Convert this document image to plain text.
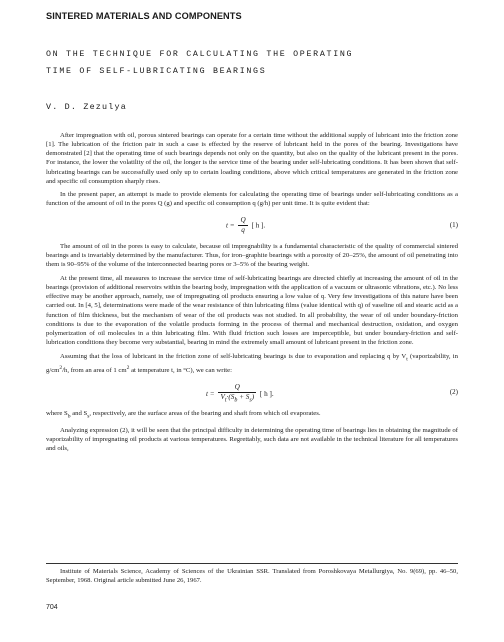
SINTERED MATERIALS AND COMPONENTS
ON THE TECHNIQUE FOR CALCULATING THE OPERATING
TIME OF SELF-LUBRICATING BEARINGS
V. D. Zezulya

After impregnation with oil, porous sintered bearings can operate for a certain time without the additional supply of lubricant into the friction zone [1]. The lubrication of the friction pair in such a case is effected by the reserve of lubricant held in the pores of the bearing. Investigations have demonstrated [2] that the operating time of such bearings depends not only on the quantity, but also on the quality of the lubricant present in the pores. For instance, the lower the volatility of the oil, the longer is the service time of the bearing under self-lubricating conditions. It has been shown that self-lubricating bearings can be successfully used only up to certain loading conditions, above which critical temperatures are generated in the friction zone and specific oil consumption sharply rises.

In the present paper, an attempt is made to provide elements for calculating the operating time of bearings under self-lubricating conditions as a function of the amount of oil in the pores Q (g) and specific oil consumption q (g/h) per unit time. It is quite evident that:

$t = \frac{Q}{q}$ [ h ].	(1)

The amount of oil in the pores is easy to calculate, because oil impregnability is a fundamental characteristic of the quality of commercial sintered bearings and is invariably determined by the manufacturer. Thus, for iron–graphite bearings with a porosity of 20–25%, the amount of oil penetrating into them is 90–95% of the volume of the interconnected bearing pores or 3–5% of the bearing weight.

At the present time, all measures to increase the service time of self-lubricating bearings are directed chiefly at increasing the amount of oil in the bearings (provision of additional reservoirs within the bearing body, impregnation with the application of a vacuum or ultrasonic vibrations, etc.). No less effective may be another approach, namely, use of impregnating oil products ensuring a low value of q. Very few investigations of this nature have been carried out. In [4, 5], determinations were made of the wear resistance of thin lubricating films (value identical with q) of vaseline oil and stearic acid as a function of film thickness, but the mechanism of wear of the oil products was not studied. In all probability, the wear of oil under boundary-friction conditions is due to the evaporation of the volatile products forming in the process of thermal and mechanical destruction, oxidation, and oxygen polymerization of oil molecules in a thin lubricating film. With fluid friction such losses are imperceptible, but under boundary-friction and self-lubrication conditions they become very substantial, bearing in mind the extremely small amount of lubricant present in the friction zone.

Assuming that the loss of lubricant in the friction zone of self-lubricating bearings is due to evaporation and replacing q by $V_t$ (vaporizability, in $g/cm^2/h$, from an area of 1 $cm^2$ at temperature t, in °C), we can write:

$t = \frac{Q}{V_t\cdot(S_b + S_s)}$ [ h ].	(2)

where $S_b$ and $S_s$, respectively, are the surface areas of the bearing and shaft from which oil evaporates.

Analyzing expression (2), it will be seen that the principal difficulty in determining the operating time of bearings lies in obtaining the magnitude of vaporizability of impregnating oil products at various temperatures. Regrettably, such data are not available in the technical literature for all temperatures and oils,

Institute of Materials Science, Academy of Sciences of the Ukrainian SSR. Translated from Poroshkovaya Metallurgiya, No. 9(69), pp. 46–50, September, 1968. Original article submitted June 26, 1967.
704
